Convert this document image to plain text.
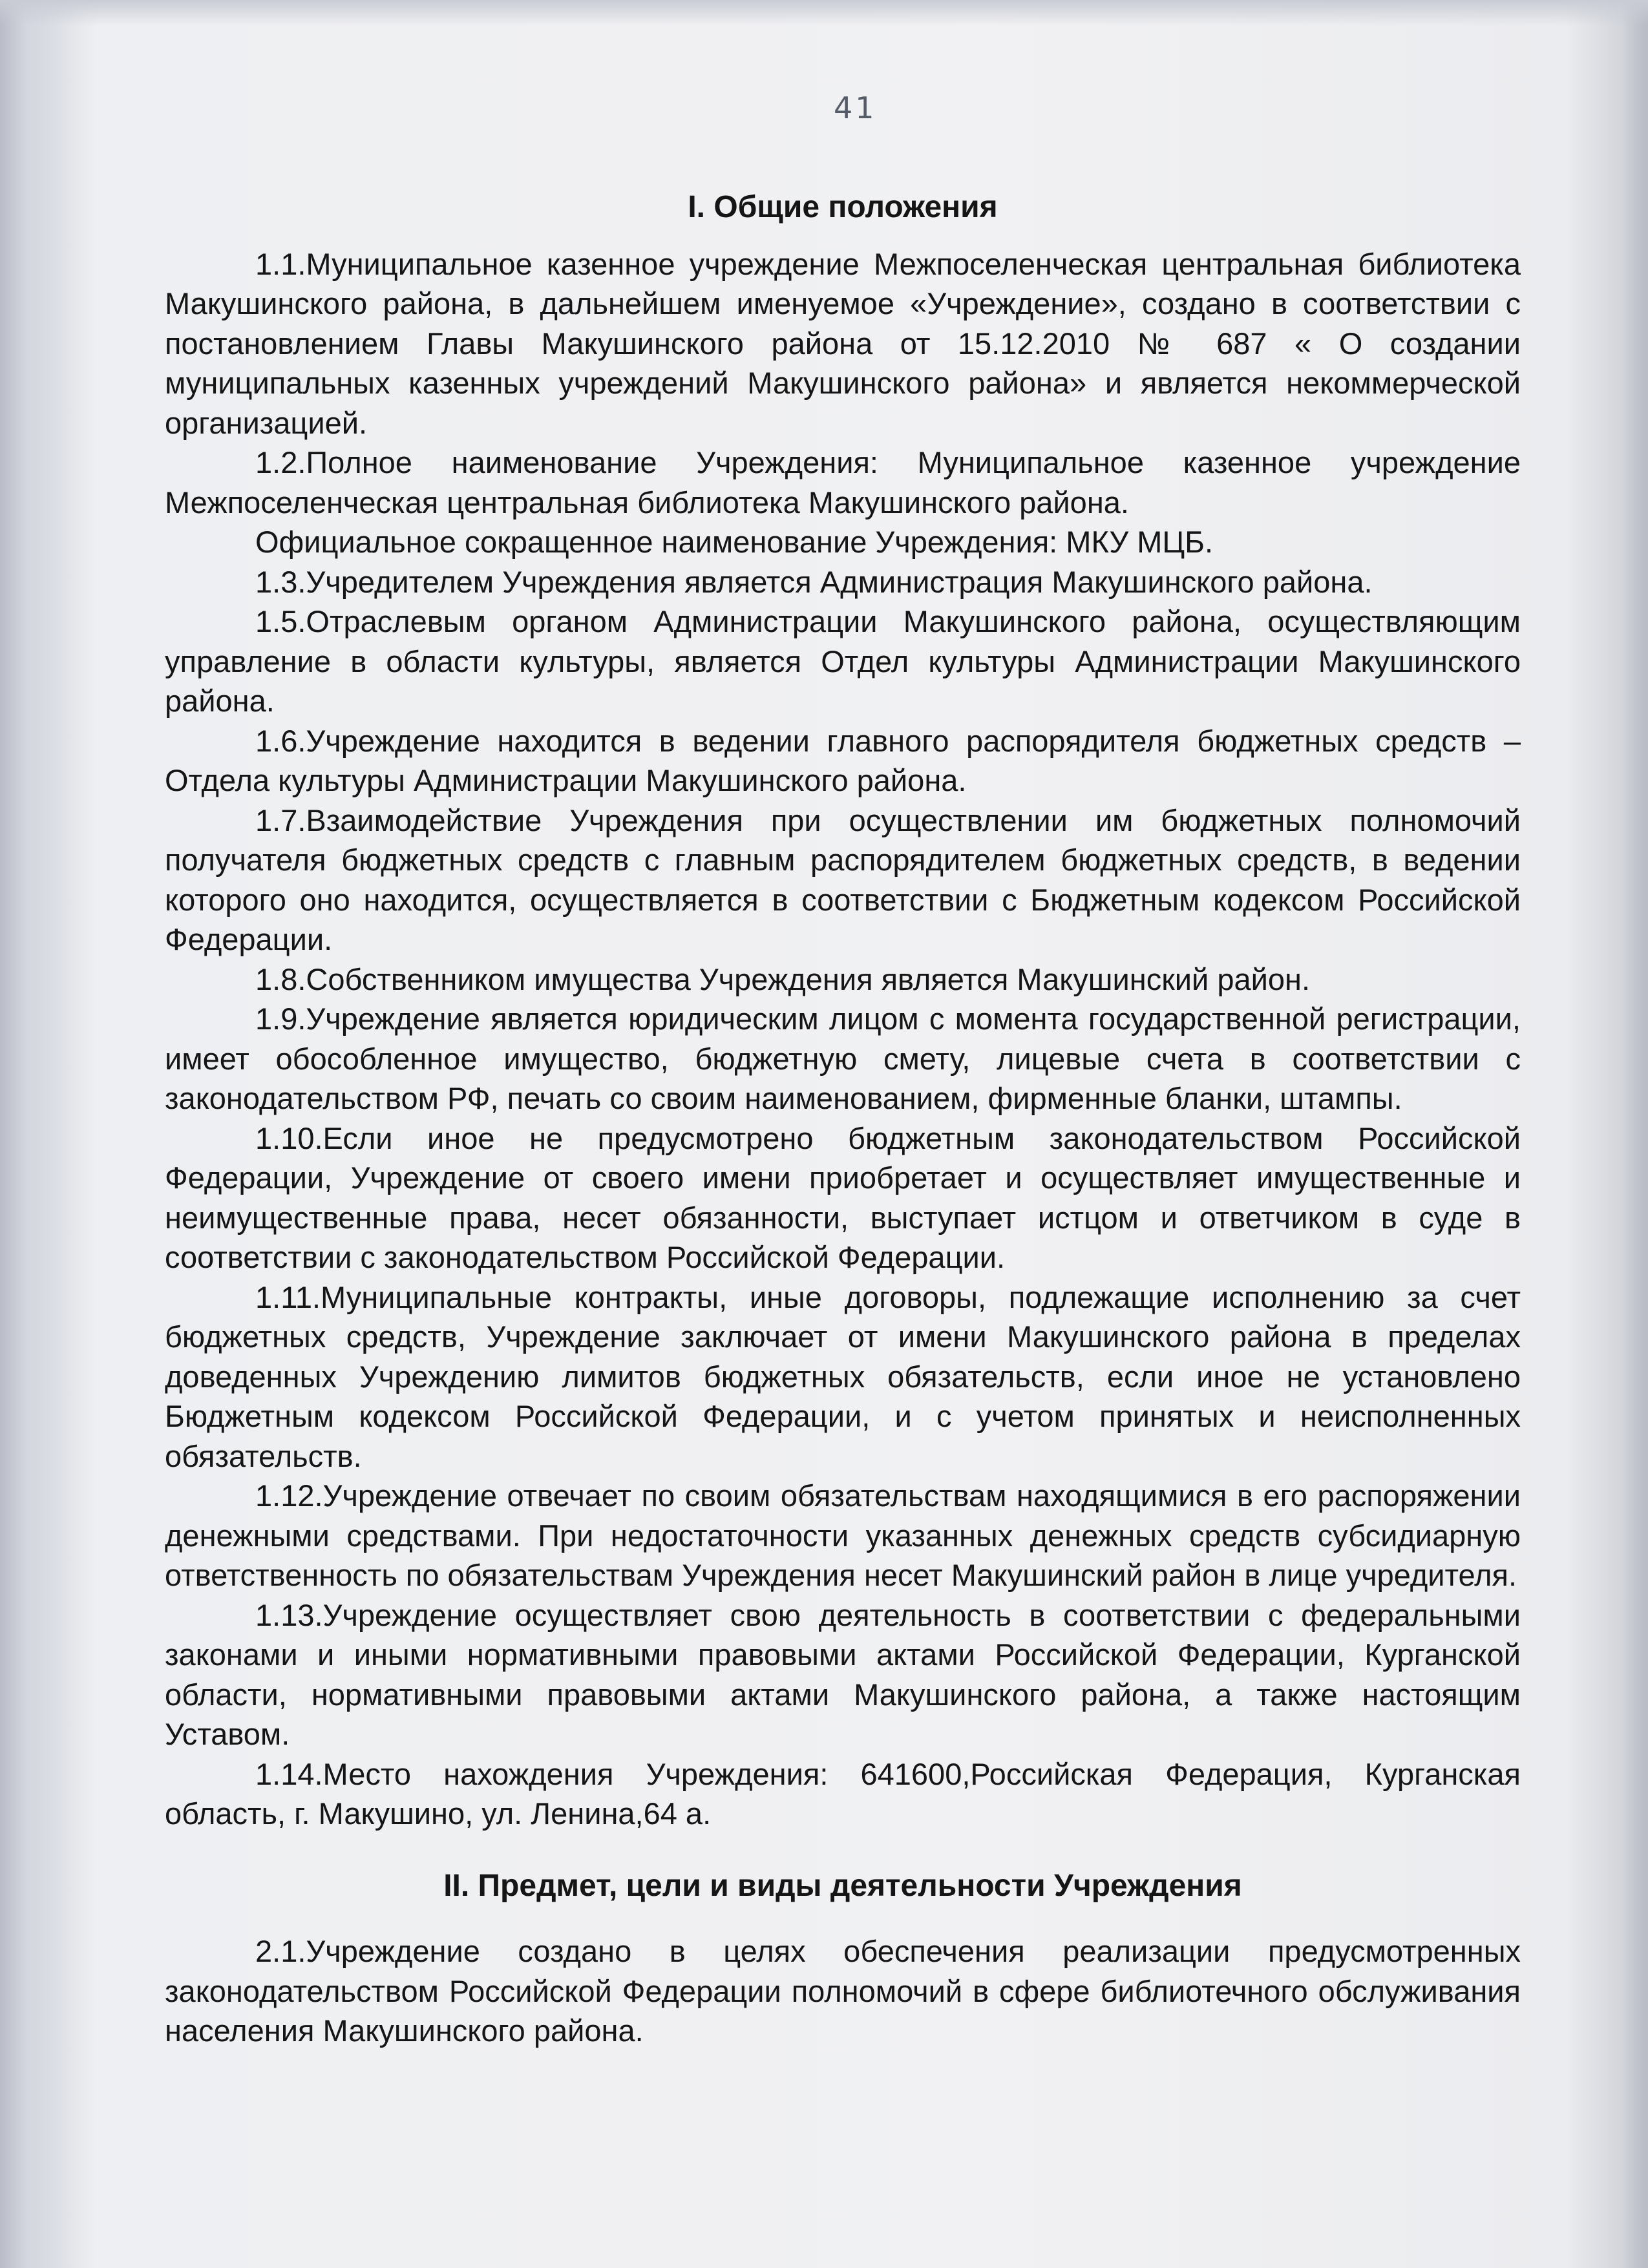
41
I. Общие положения

1.1.Муниципальное казенное учреждение Межпоселенческая центральная библиотека Макушинского района, в дальнейшем именуемое «Учреждение», создано в соответствии с постановлением Главы Макушинского района от 15.12.2010 № 687 « О создании муниципальных казенных учреждений Макушинского района» и является некоммерческой организацией.

1.2.Полное наименование Учреждения: Муниципальное казенное учреждение Межпоселенческая центральная библиотека Макушинского района.

Официальное сокращенное наименование Учреждения: МКУ МЦБ.

1.3.Учредителем Учреждения является Администрация Макушинского района.

1.5.Отраслевым органом Администрации Макушинского района, осуществляющим управление в области культуры, является Отдел культуры Администрации Макушинского района.

1.6.Учреждение находится в ведении главного распорядителя бюджетных средств – Отдела культуры Администрации Макушинского района.

1.7.Взаимодействие Учреждения при осуществлении им бюджетных полномочий получателя бюджетных средств с главным распорядителем бюджетных средств, в ведении которого оно находится, осуществляется в соответствии с Бюджетным кодексом Российской Федерации.

1.8.Собственником имущества Учреждения является Макушинский район.

1.9.Учреждение является юридическим лицом с момента государственной регистрации, имеет обособленное имущество, бюджетную смету, лицевые счета в соответствии с законодательством РФ, печать со своим наименованием, фирменные бланки, штампы.

1.10.Если иное не предусмотрено бюджетным законодательством Российской Федерации, Учреждение от своего имени приобретает и осуществляет имущественные и неимущественные права, несет обязанности, выступает истцом и ответчиком в суде в соответствии с законодательством Российской Федерации.

1.11.Муниципальные контракты, иные договоры, подлежащие исполнению за счет бюджетных средств, Учреждение заключает от имени Макушинского района в пределах доведенных Учреждению лимитов бюджетных обязательств, если иное не установлено Бюджетным кодексом Российской Федерации, и с учетом принятых и неисполненных обязательств.

1.12.Учреждение отвечает по своим обязательствам находящимися в его распоряжении денежными средствами. При недостаточности указанных денежных средств субсидиарную ответственность по обязательствам Учреждения несет Макушинский район в лице учредителя.

1.13.Учреждение осуществляет свою деятельность в соответствии с федеральными законами и иными нормативными правовыми актами Российской Федерации, Курганской области, нормативными правовыми актами Макушинского района, а также настоящим Уставом.

1.14.Место нахождения Учреждения: 641600,Российская Федерация, Курганская область, г. Макушино, ул. Ленина,64 а.

II. Предмет, цели и виды деятельности Учреждения

2.1.Учреждение создано в целях обеспечения реализации предусмотренных законодательством Российской Федерации полномочий в сфере библиотечного обслуживания населения Макушинского района.
